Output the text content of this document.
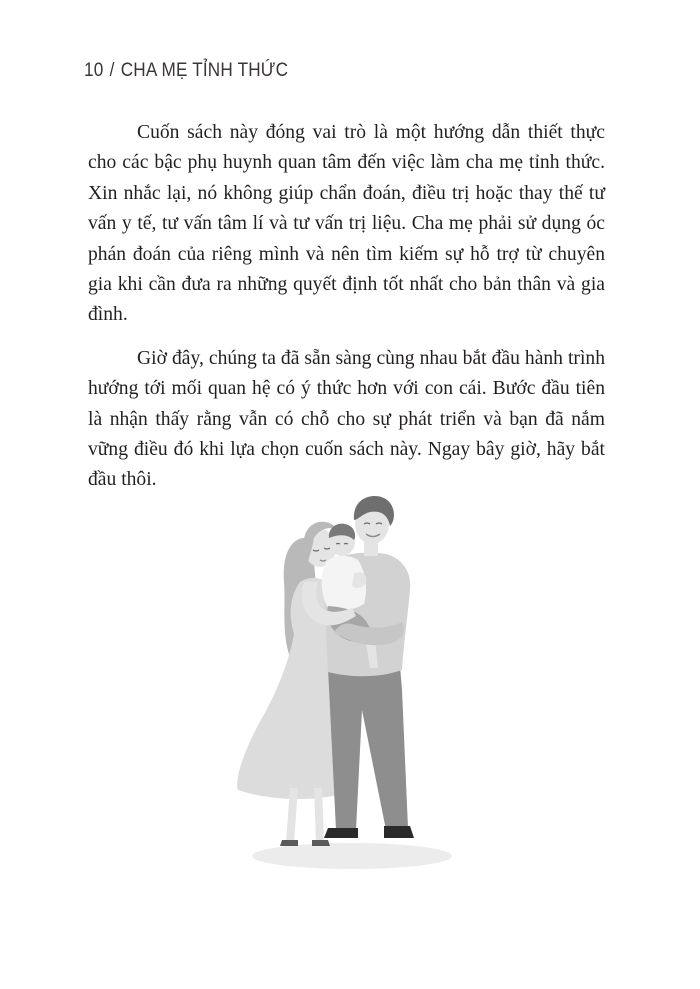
10 / CHA MẸ TỈNH THỨC

Cuốn sách này đóng vai trò là một hướng dẫn thiết thực cho các bậc phụ huynh quan tâm đến việc làm cha mẹ tỉnh thức. Xin nhắc lại, nó không giúp chẩn đoán, điều trị hoặc thay thế tư vấn y tế, tư vấn tâm lí và tư vấn trị liệu. Cha mẹ phải sử dụng óc phán đoán của riêng mình và nên tìm kiếm sự hỗ trợ từ chuyên gia khi cần đưa ra những quyết định tốt nhất cho bản thân và gia đình.

Giờ đây, chúng ta đã sẵn sàng cùng nhau bắt đầu hành trình hướng tới mối quan hệ có ý thức hơn với con cái. Bước đầu tiên là nhận thấy rằng vẫn có chỗ cho sự phát triển và bạn đã nắm vững điều đó khi lựa chọn cuốn sách này. Ngay bây giờ, hãy bắt đầu thôi.
